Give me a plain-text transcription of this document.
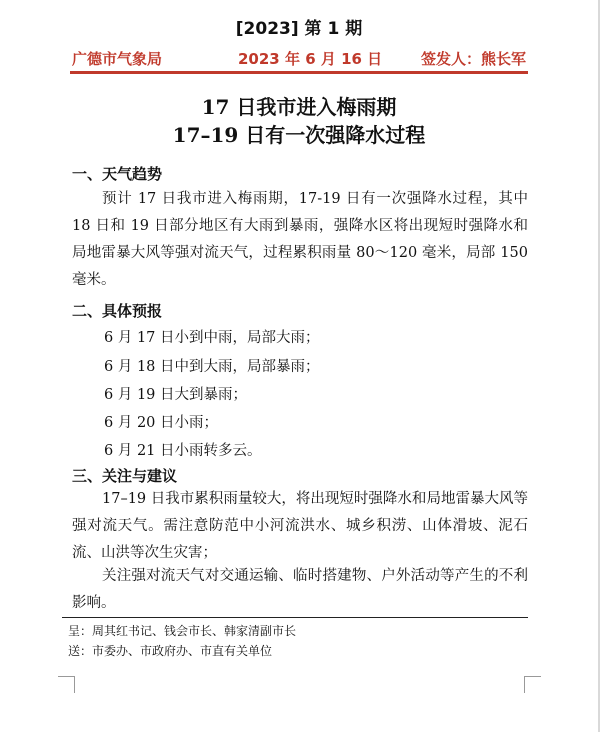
[2023] 第 1 期
广德市气象局	2023 年 6 月 16 日	签发人：熊长军
17 日我市进入梅雨期
17–19 日有一次强降水过程
一、天气趋势
预计 17 日我市进入梅雨期，17-19 日有一次强降水过程，其中 18 日和 19 日部分地区有大雨到暴雨，强降水区将出现短时强降水和局地雷暴大风等强对流天气，过程累积雨量 80～120 毫米，局部 150 毫米。
二、具体预报
6 月 17 日小到中雨，局部大雨；
6 月 18 日中到大雨，局部暴雨；
6 月 19 日大到暴雨；
6 月 20 日小雨；
6 月 21 日小雨转多云。
三、关注与建议
17–19 日我市累积雨量较大，将出现短时强降水和局地雷暴大风等强对流天气。需注意防范中小河流洪水、城乡积涝、山体滑坡、泥石流、山洪等次生灾害；
关注强对流天气对交通运输、临时搭建物、户外活动等产生的不利影响。
呈：周其红书记、钱会市长、韩家清副市长
送：市委办、市政府办、市直有关单位
